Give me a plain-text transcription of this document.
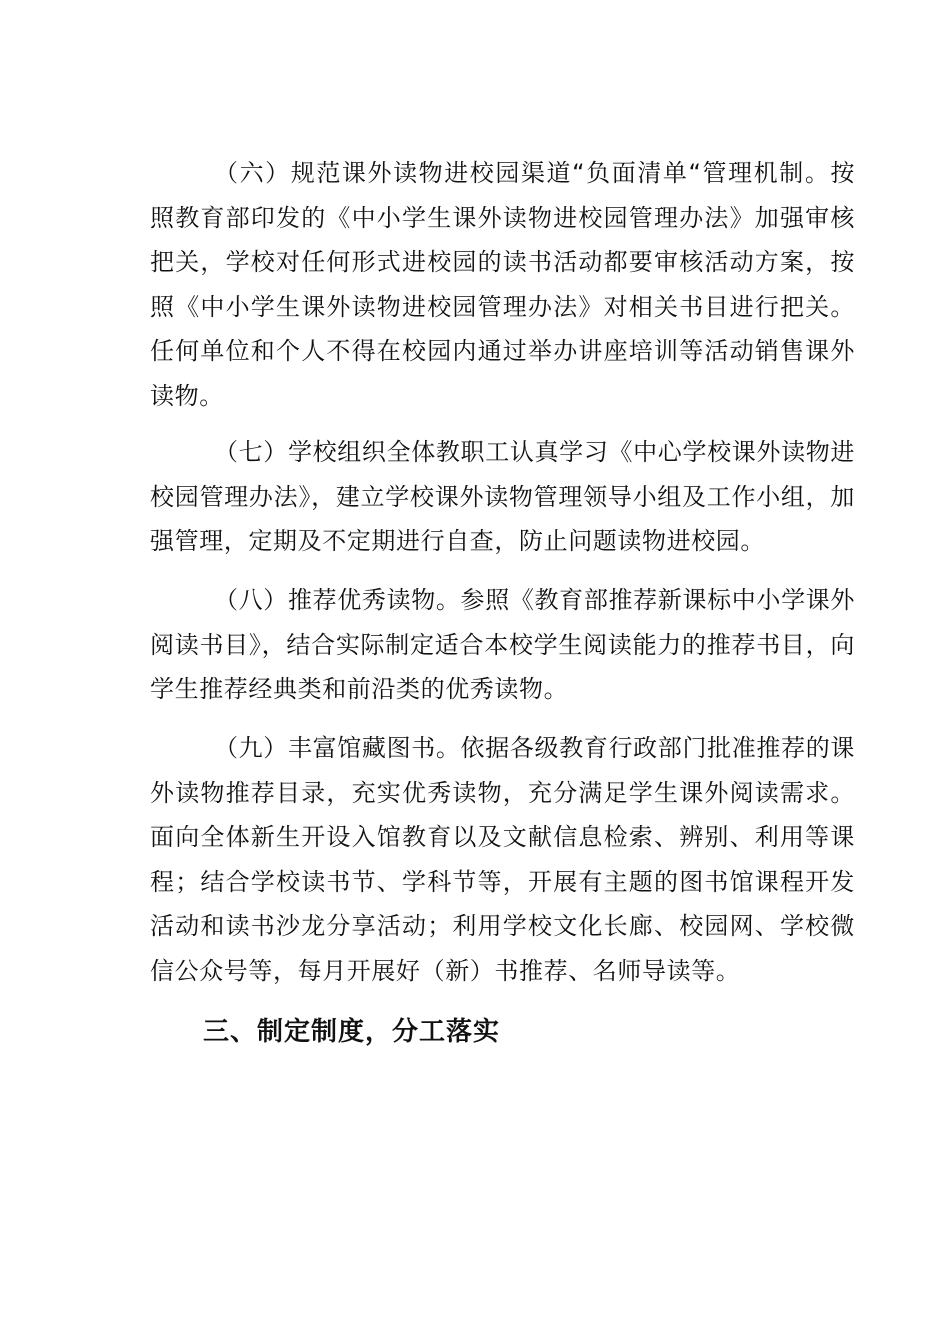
（六）规范课外读物进校园渠道“负面清单“管理机制。按照教育部印发的《中小学生课外读物进校园管理办法》加强审核把关，学校对任何形式进校园的读书活动都要审核活动方案，按照《中小学生课外读物进校园管理办法》对相关书目进行把关。任何单位和个人不得在校园内通过举办讲座培训等活动销售课外读物。

（七）学校组织全体教职工认真学习《中心学校课外读物进校园管理办法》，建立学校课外读物管理领导小组及工作小组，加强管理，定期及不定期进行自查，防止问题读物进校园。

（八）推荐优秀读物。参照《教育部推荐新课标中小学课外阅读书目》，结合实际制定适合本校学生阅读能力的推荐书目，向学生推荐经典类和前沿类的优秀读物。

（九）丰富馆藏图书。依据各级教育行政部门批准推荐的课外读物推荐目录，充实优秀读物，充分满足学生课外阅读需求。面向全体新生开设入馆教育以及文献信息检索、辨别、利用等课程；结合学校读书节、学科节等，开展有主题的图书馆课程开发活动和读书沙龙分享活动；利用学校文化长廊、校园网、学校微信公众号等，每月开展好（新）书推荐、名师导读等。

三、制定制度，分工落实
